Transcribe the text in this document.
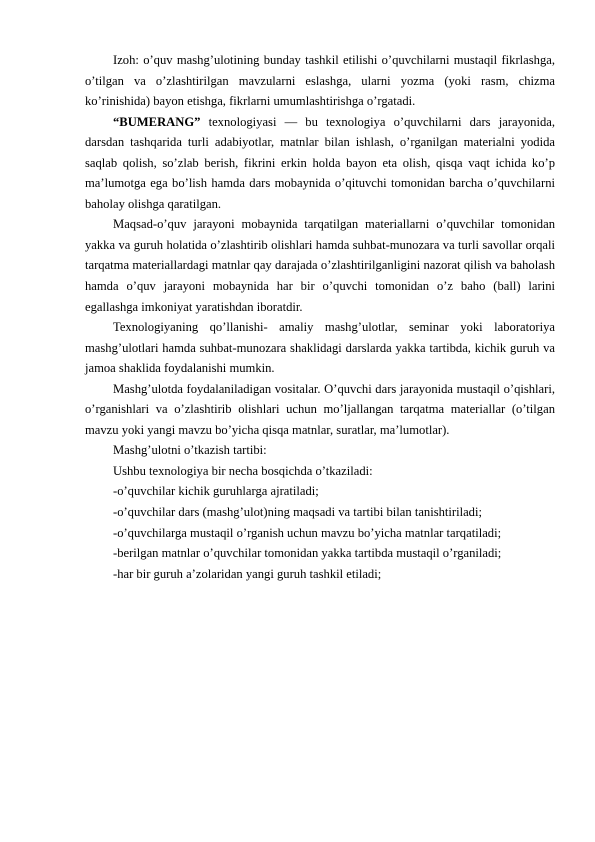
Izoh: o’quv mashg’ulotining bunday tashkil etilishi o’quvchilarni mustaqil fikrlashga, o’tilgan va o’zlashtirilgan mavzularni eslashga, ularni yozma (yoki rasm, chizma ko’rinishida) bayon etishga, fikrlarni umumlashtirishga o’rgatadi.

“BUMERANG” texnologiyasi — bu texnologiya o’quvchilarni dars jarayonida, darsdan tashqarida turli adabiyotlar, matnlar bilan ishlash, o’rganilgan materialni yodida saqlab qolish, so’zlab berish, fikrini erkin holda bayon eta olish, qisqa vaqt ichida ko’p ma’lumotga ega bo’lish hamda dars mobaynida o’qituvchi tomonidan barcha o’quvchilarni baholay olishga qaratilgan.

Maqsad-o’quv jarayoni mobaynida tarqatilgan materiallarni o’quvchilar tomonidan yakka va guruh holatida o’zlashtirib olishlari hamda suhbat-munozara va turli savollar orqali tarqatma materiallardagi matnlar qay darajada o’zlashtirilganligini nazorat qilish va baholash hamda o’quv jarayoni mobaynida har bir o’quvchi tomonidan o’z baho (ball) larini egallashga imkoniyat yaratishdan iboratdir.

Texnologiyaning qo’llanishi- amaliy mashg’ulotlar, seminar yoki laboratoriya mashg’ulotlari hamda suhbat-munozara shaklidagi darslarda yakka tartibda, kichik guruh va jamoa shaklida foydalanishi mumkin.

Mashg’ulotda foydalaniladigan vositalar. O’quvchi dars jarayonida mustaqil o’qishlari, o’rganishlari va o’zlashtirib olishlari uchun mo’ljallangan tarqatma materiallar (o’tilgan mavzu yoki yangi mavzu bo’yicha qisqa matnlar, suratlar, ma’lumotlar).

Mashg’ulotni o’tkazish tartibi:

Ushbu texnologiya bir necha bosqichda o’tkaziladi:

-o’quvchilar kichik guruhlarga ajratiladi;

-o’quvchilar dars (mashg’ulot)ning maqsadi va tartibi bilan tanishtiriladi;

-o’quvchilarga mustaqil o’rganish uchun mavzu bo’yicha matnlar tarqatiladi;

-berilgan matnlar o’quvchilar tomonidan yakka tartibda mustaqil o’rganiladi;

-har bir guruh a’zolaridan yangi guruh tashkil etiladi;
